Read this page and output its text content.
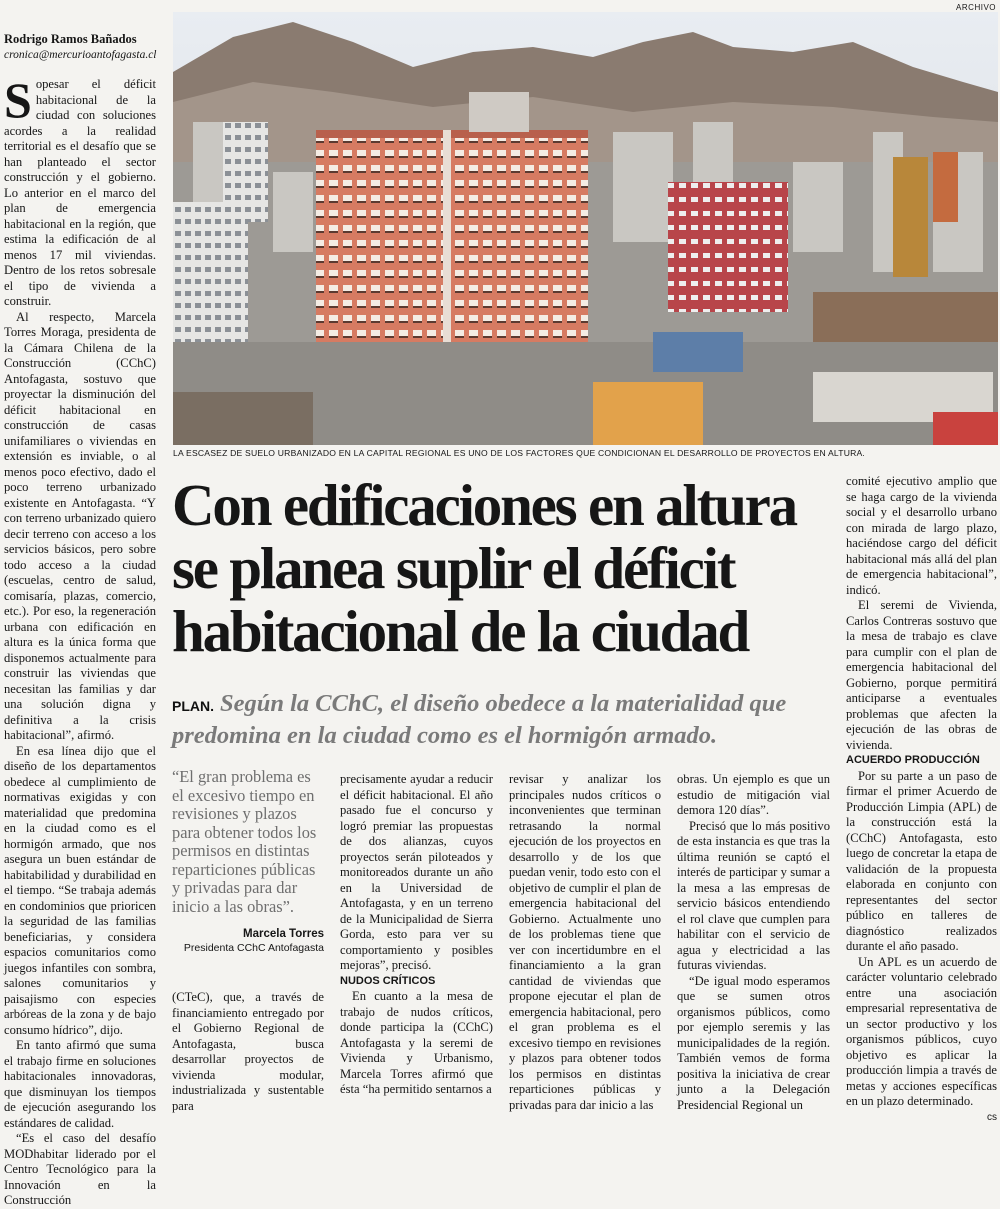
Rodrigo Ramos Bañados
cronica@mercurioantofagasta.cl

Sopesar el déficit habitacional de la ciudad con soluciones acordes a la realidad territorial es el desafío que se han planteado el sector construcción y el gobierno. Lo anterior en el marco del plan de emergencia habitacional en la región, que estima la edificación de al menos 17 mil viviendas. Dentro de los retos sobresale el tipo de vivienda a construir.

Al respecto, Marcela Torres Moraga, presidenta de la Cámara Chilena de la Construcción (CChC) Antofagasta, sostuvo que proyectar la disminución del déficit habitacional en construcción de casas unifamiliares o viviendas en extensión es inviable, o al menos poco efectivo, dado el poco terreno urbanizado existente en Antofagasta. “Y con terreno urbanizado quiero decir terreno con acceso a los servicios básicos, pero sobre todo acceso a la ciudad (escuelas, centro de salud, comisaría, plazas, comercio, etc.). Por eso, la regeneración urbana con edificación en altura es la única forma que disponemos actualmente para construir las viviendas que necesitan las familias y dar una solución digna y definitiva a la crisis habitacional”, afirmó.

En esa línea dijo que el diseño de los departamentos obedece al cumplimiento de normativas exigidas y con materialidad que predomina en la ciudad como es el hormigón armado, que nos asegura un buen estándar de habitabilidad y durabilidad en el tiempo. “Se trabaja además en condominios que prioricen la seguridad de las familias beneficiarias, y considera espacios comunitarios como juegos infantiles con sombra, salones comunitarios y paisajismo con especies arbóreas de la zona y de bajo consumo hídrico”, dijo.

En tanto afirmó que suma el trabajo firme en soluciones habitacionales innovadoras, que disminuyan los tiempos de ejecución asegurando los estándares de calidad.

“Es el caso del desafío MODhabitar liderado por el Centro Tecnológico para la Innovación en la Construcción

ARCHIVO
LA ESCASEZ DE SUELO URBANIZADO EN LA CAPITAL REGIONAL ES UNO DE LOS FACTORES QUE CONDICIONAN EL DESARROLLO DE PROYECTOS EN ALTURA.
Con edificaciones en altura se planea suplir el déficit habitacional de la ciudad
PLAN. Según la CChC, el diseño obedece a la materialidad que predomina en la ciudad como es el hormigón armado.
“El gran problema es el excesivo tiempo en revisiones y plazos para obtener todos los permisos en distintas reparticiones públicas y privadas para dar inicio a las obras”.
Marcela Torres
Presidenta CChC Antofagasta

(CTeC), que, a través de financiamiento entregado por el Gobierno Regional de Antofagasta, busca desarrollar proyectos de vivienda modular, industrializada y sustentable para

precisamente ayudar a reducir el déficit habitacional. El año pasado fue el concurso y logró premiar las propuestas de dos alianzas, cuyos proyectos serán piloteados y monitoreados durante un año en la Universidad de Antofagasta, y en un terreno de la Municipalidad de Sierra Gorda, esto para ver su comportamiento y posibles mejoras”, precisó.

NUDOS CRÍTICOS

En cuanto a la mesa de trabajo de nudos críticos, donde participa la (CChC) Antofagasta y la seremi de Vivienda y Urbanismo, Marcela Torres afirmó que ésta “ha permitido sentarnos a

revisar y analizar los principales nudos críticos o inconvenientes que terminan retrasando la normal ejecución de los proyectos en desarrollo y de los que puedan venir, todo esto con el objetivo de cumplir el plan de emergencia habitacional del Gobierno. Actualmente uno de los problemas tiene que ver con incertidumbre en el financiamiento a la gran cantidad de viviendas que propone ejecutar el plan de emergencia habitacional, pero el gran problema es el excesivo tiempo en revisiones y plazos para obtener todos los permisos en distintas reparticiones públicas y privadas para dar inicio a las

obras. Un ejemplo es que un estudio de mitigación vial demora 120 días”.

Precisó que lo más positivo de esta instancia es que tras la última reunión se captó el interés de participar y sumar a la mesa a las empresas de servicio básicos entendiendo el rol clave que cumplen para habilitar con el servicio de agua y electricidad a las futuras viviendas.

“De igual modo esperamos que se sumen otros organismos públicos, como por ejemplo seremis y las municipalidades de la región. También vemos de forma positiva la iniciativa de crear junto a la Delegación Presidencial Regional un

comité ejecutivo amplio que se haga cargo de la vivienda social y el desarrollo urbano con mirada de largo plazo, haciéndose cargo del déficit habitacional más allá del plan de emergencia habitacional”, indicó.

El seremi de Vivienda, Carlos Contreras sostuvo que la mesa de trabajo es clave para cumplir con el plan de emergencia habitacional del Gobierno, porque permitirá anticiparse a eventuales problemas que afecten la ejecución de las obras de vivienda.

ACUERDO PRODUCCIÓN

Por su parte a un paso de firmar el primer Acuerdo de Producción Limpia (APL) de la construcción está la (CChC) Antofagasta, esto luego de concretar la etapa de validación de la propuesta elaborada en conjunto con representantes del sector público en talleres de diagnóstico realizados durante el año pasado.

Un APL es un acuerdo de carácter voluntario celebrado entre una asociación empresarial representativa de un sector productivo y los organismos públicos, cuyo objetivo es aplicar la producción limpia a través de metas y acciones específicas en un plazo determinado.

cs
